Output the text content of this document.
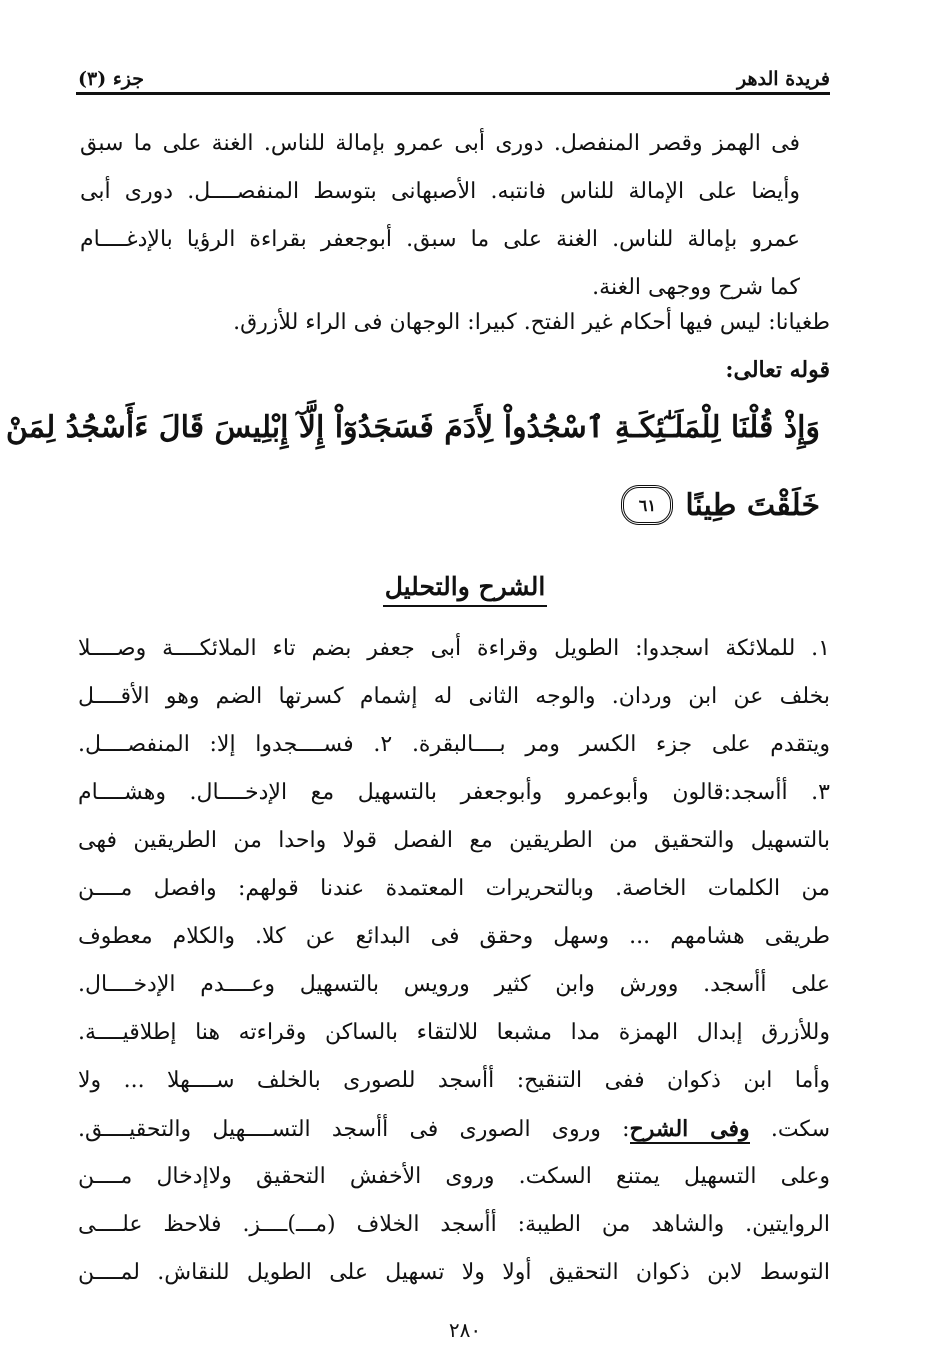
فريدة الدهر
جزء (٣)
فى الهمز وقصر المنفصل. دورى أبى عمرو بإمالة للناس. الغنة على ما سبق
وأيضا على الإمالة للناس فانتبه. الأصبهانى بتوسط المنفصــــل. دورى أبى
عمرو بإمالة للناس. الغنة على ما سبق. أبوجعفر بقراءة الرؤيا بالإدغــــام
كما شرح ووجهى الغنة.
طغيانا: ليس فيها أحكام غير الفتح. كبيرا: الوجهان فى الراء للأزرق.
قوله تعالى:
وَإِذْ قُلْنَا لِلْمَلَـٰٓئِكَـةِ ٱسْجُدُواْ لِأَدَمَ فَسَجَدُوٓاْ إِلَّآ إِبْلِيسَ قَالَ ءَأَسْجُدُ لِمَنْ
خَلَقْتَ طِينًا
٦١
الشرح والتحليل
١. للملائكة اسجدوا: الطويل وقراءة أبى جعفر بضم تاء الملائكــــة وصــــلا
بخلف عن ابن وردان. والوجه الثانى له إشمام كسرتها الضم وهو الأقــــل
ويتقدم على جزء الكسر ومر بــــالبقرة. ٢. فســــجدوا إلا: المنفصــــل.
٣. أأسجد:قالون وأبوعمرو وأبوجعفر بالتسهيل مع الإدخــــال. وهشــــام
بالتسهيل والتحقيق من الطريقين مع الفصل قولا واحدا من الطريقين فهى
من الكلمات الخاصة. وبالتحريرات المعتمدة عندنا قولهم: وافصل مــــن
طريقى هشامهم ... وسهل وحقق فى البدائع عن كلا. والكلام معطوف
على أأسجد. وورش وابن كثير ورويس بالتسهيل وعــــدم الإدخــــال.
وللأزرق إبدال الهمزة مدا مشبعا للالتقاء بالساكن وقراءته هنا إطلاقيــــة.
وأما ابن ذكوان ففى التنقيح: أأسجد للصورى بالخلف ســــهلا ... ولا
سكت. وفى الشرح: وروى الصورى فى أأسجد التســــهيل والتحقيــــق.
وعلى التسهيل يمتنع السكت. وروى الأخفش التحقيق ولاإدخال مــــن
الروايتين. والشاهد من الطيبة: أأسجد الخلاف (مـــ)ــــز. فلاحظ علــــى
التوسط لابن ذكوان التحقيق أولا ولا تسهيل على الطويل للنقاش. لمــــن
٢٨٠
